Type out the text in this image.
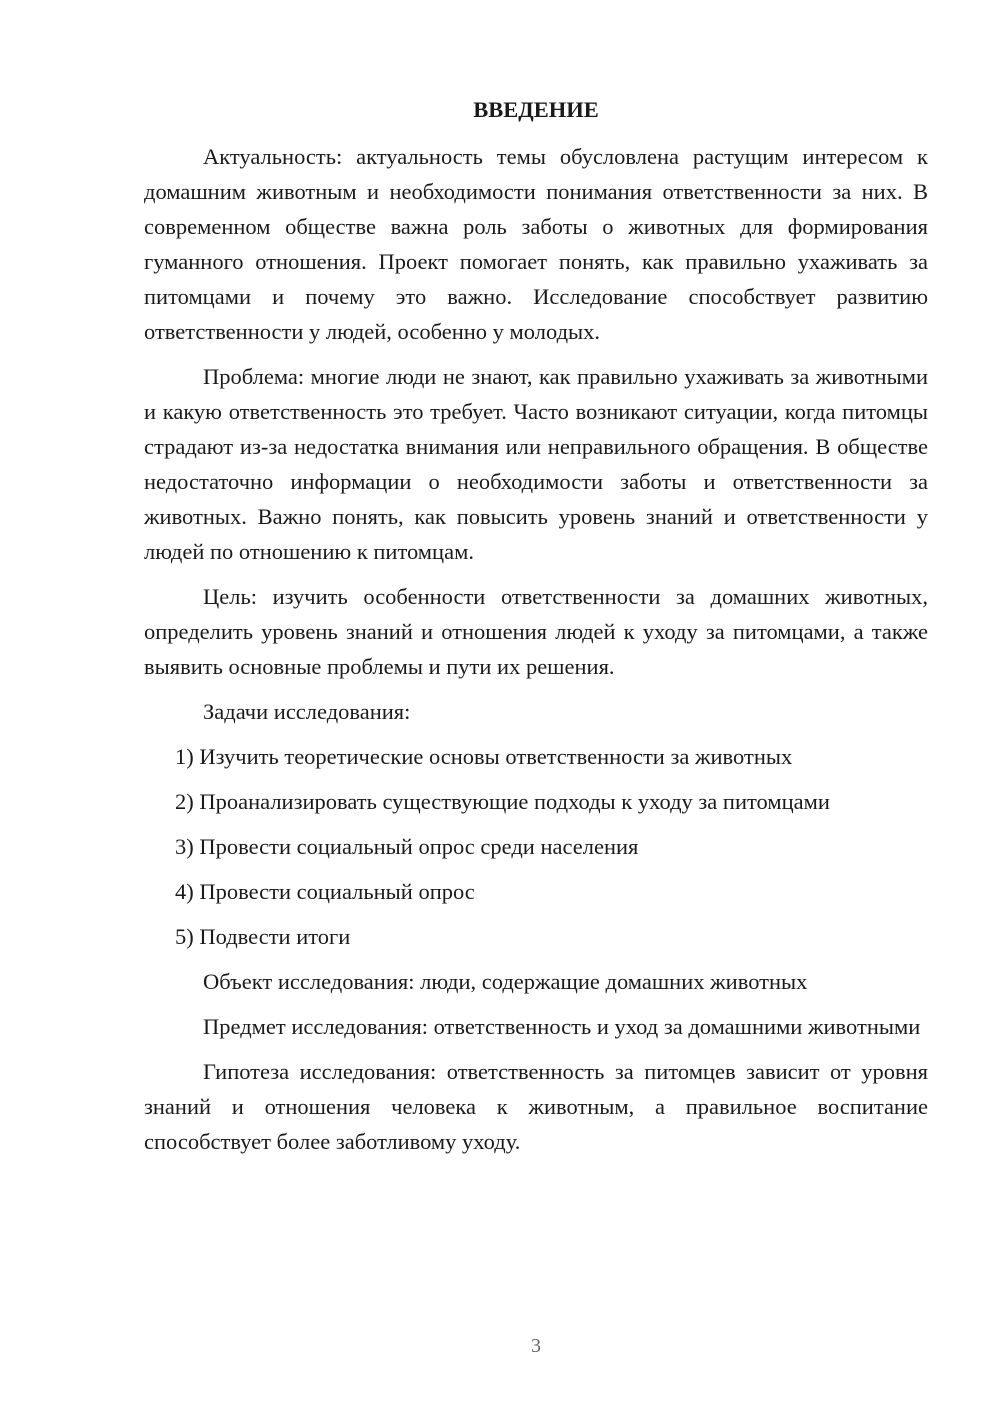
ВВЕДЕНИЕ

Актуальность: актуальность темы обусловлена растущим интересом к домашним животным и необходимости понимания ответственности за них. В современном обществе важна роль заботы о животных для формирования гуманного отношения. Проект помогает понять, как правильно ухаживать за питомцами и почему это важно. Исследование способствует развитию ответственности у людей, особенно у молодых.

Проблема: многие люди не знают, как правильно ухаживать за животными и какую ответственность это требует. Часто возникают ситуации, когда питомцы страдают из-за недостатка внимания или неправильного обращения. В обществе недостаточно информации о необходимости заботы и ответственности за животных. Важно понять, как повысить уровень знаний и ответственности у людей по отношению к питомцам.

Цель: изучить особенности ответственности за домашних животных, определить уровень знаний и отношения людей к уходу за питомцами, а также выявить основные проблемы и пути их решения.

Задачи исследования:

1) Изучить теоретические основы ответственности за животных
2) Проанализировать существующие подходы к уходу за питомцами
3) Провести социальный опрос среди населения
4) Провести социальный опрос
5) Подвести итоги

Объект исследования: люди, содержащие домашних животных

Предмет исследования: ответственность и уход за домашними животными

Гипотеза исследования: ответственность за питомцев зависит от уровня знаний и отношения человека к животным, а правильное воспитание способствует более заботливому уходу.

3
